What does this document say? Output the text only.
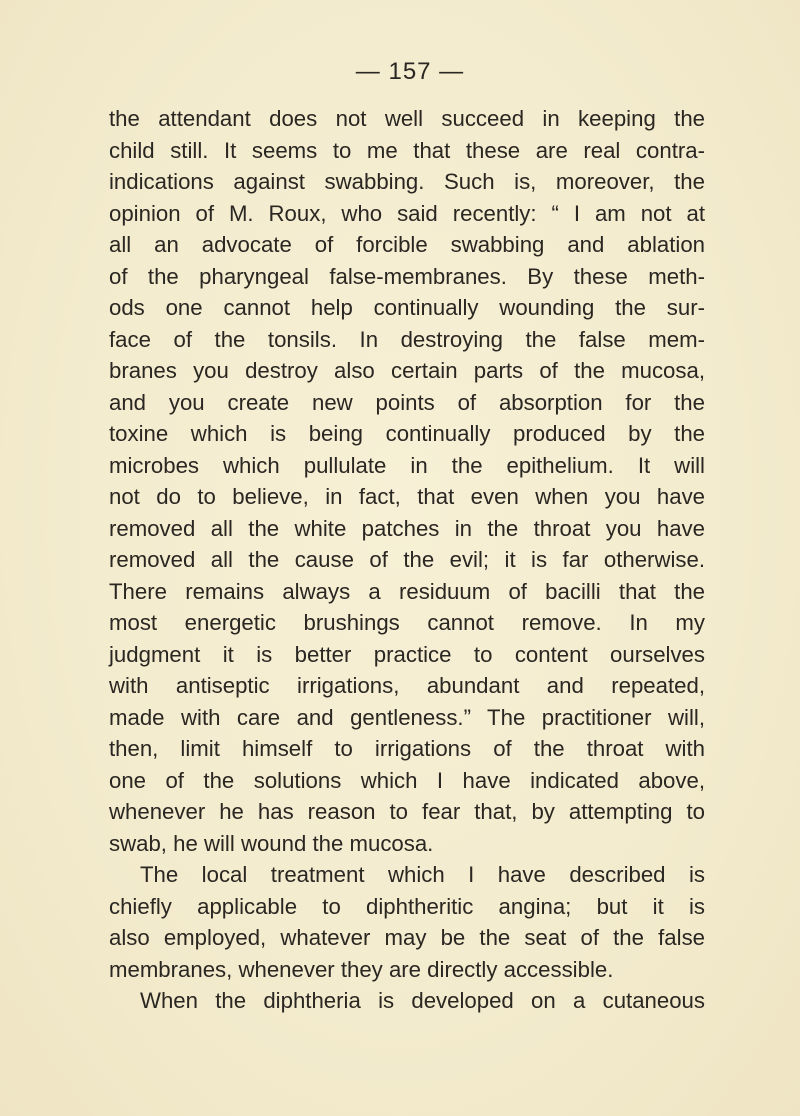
— 157 —
the attendant does not well succeed in keeping the
child still. It seems to me that these are real contra-
indications against swabbing. Such is, moreover, the
opinion of M. Roux, who said recently: “ I am not at
all an advocate of forcible swabbing and ablation
of the pharyngeal false-membranes. By these meth-
ods one cannot help continually wounding the sur-
face of the tonsils. In destroying the false mem-
branes you destroy also certain parts of the mucosa,
and you create new points of absorption for the
toxine which is being continually produced by the
microbes which pullulate in the epithelium. It will
not do to believe, in fact, that even when you have
removed all the white patches in the throat you have
removed all the cause of the evil; it is far otherwise.
There remains always a residuum of bacilli that the
most energetic brushings cannot remove. In my
judgment it is better practice to content ourselves
with antiseptic irrigations, abundant and repeated,
made with care and gentleness.” The practitioner will,
then, limit himself to irrigations of the throat with
one of the solutions which I have indicated above,
whenever he has reason to fear that, by attempting to
swab, he will wound the mucosa.
The local treatment which I have described is
chiefly applicable to diphtheritic angina; but it is
also employed, whatever may be the seat of the false
membranes, whenever they are directly accessible.
When the diphtheria is developed on a cutaneous
